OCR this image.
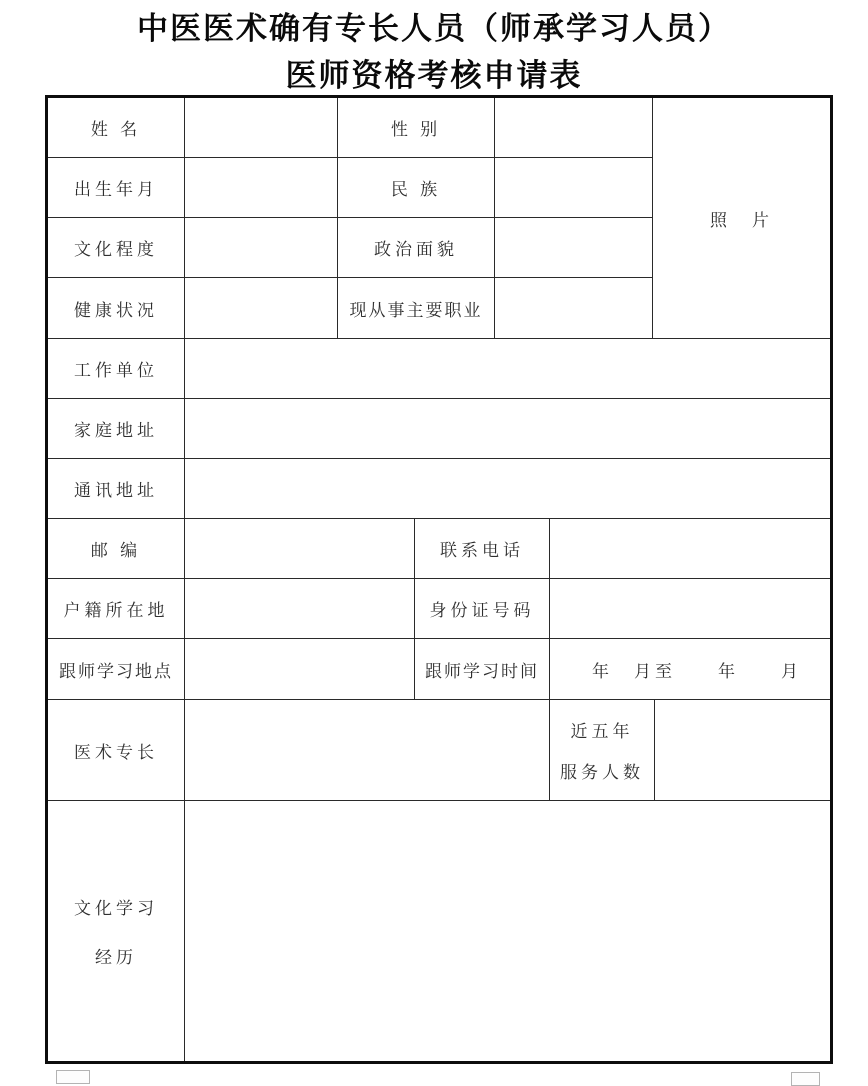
中医医术确有专长人员（师承学习人员）
医师资格考核申请表
照　片
姓 名	性 别
出生年月	民 族
文化程度	政治面貌
健康状况	现从事主要职业
工作单位
家庭地址
通讯地址
邮 编	联系电话
户籍所在地	身份证号码
跟师学习地点	跟师学习时间	年　月至　　年　　月
医术专长
近五年
服务人数
文化学习
经历
